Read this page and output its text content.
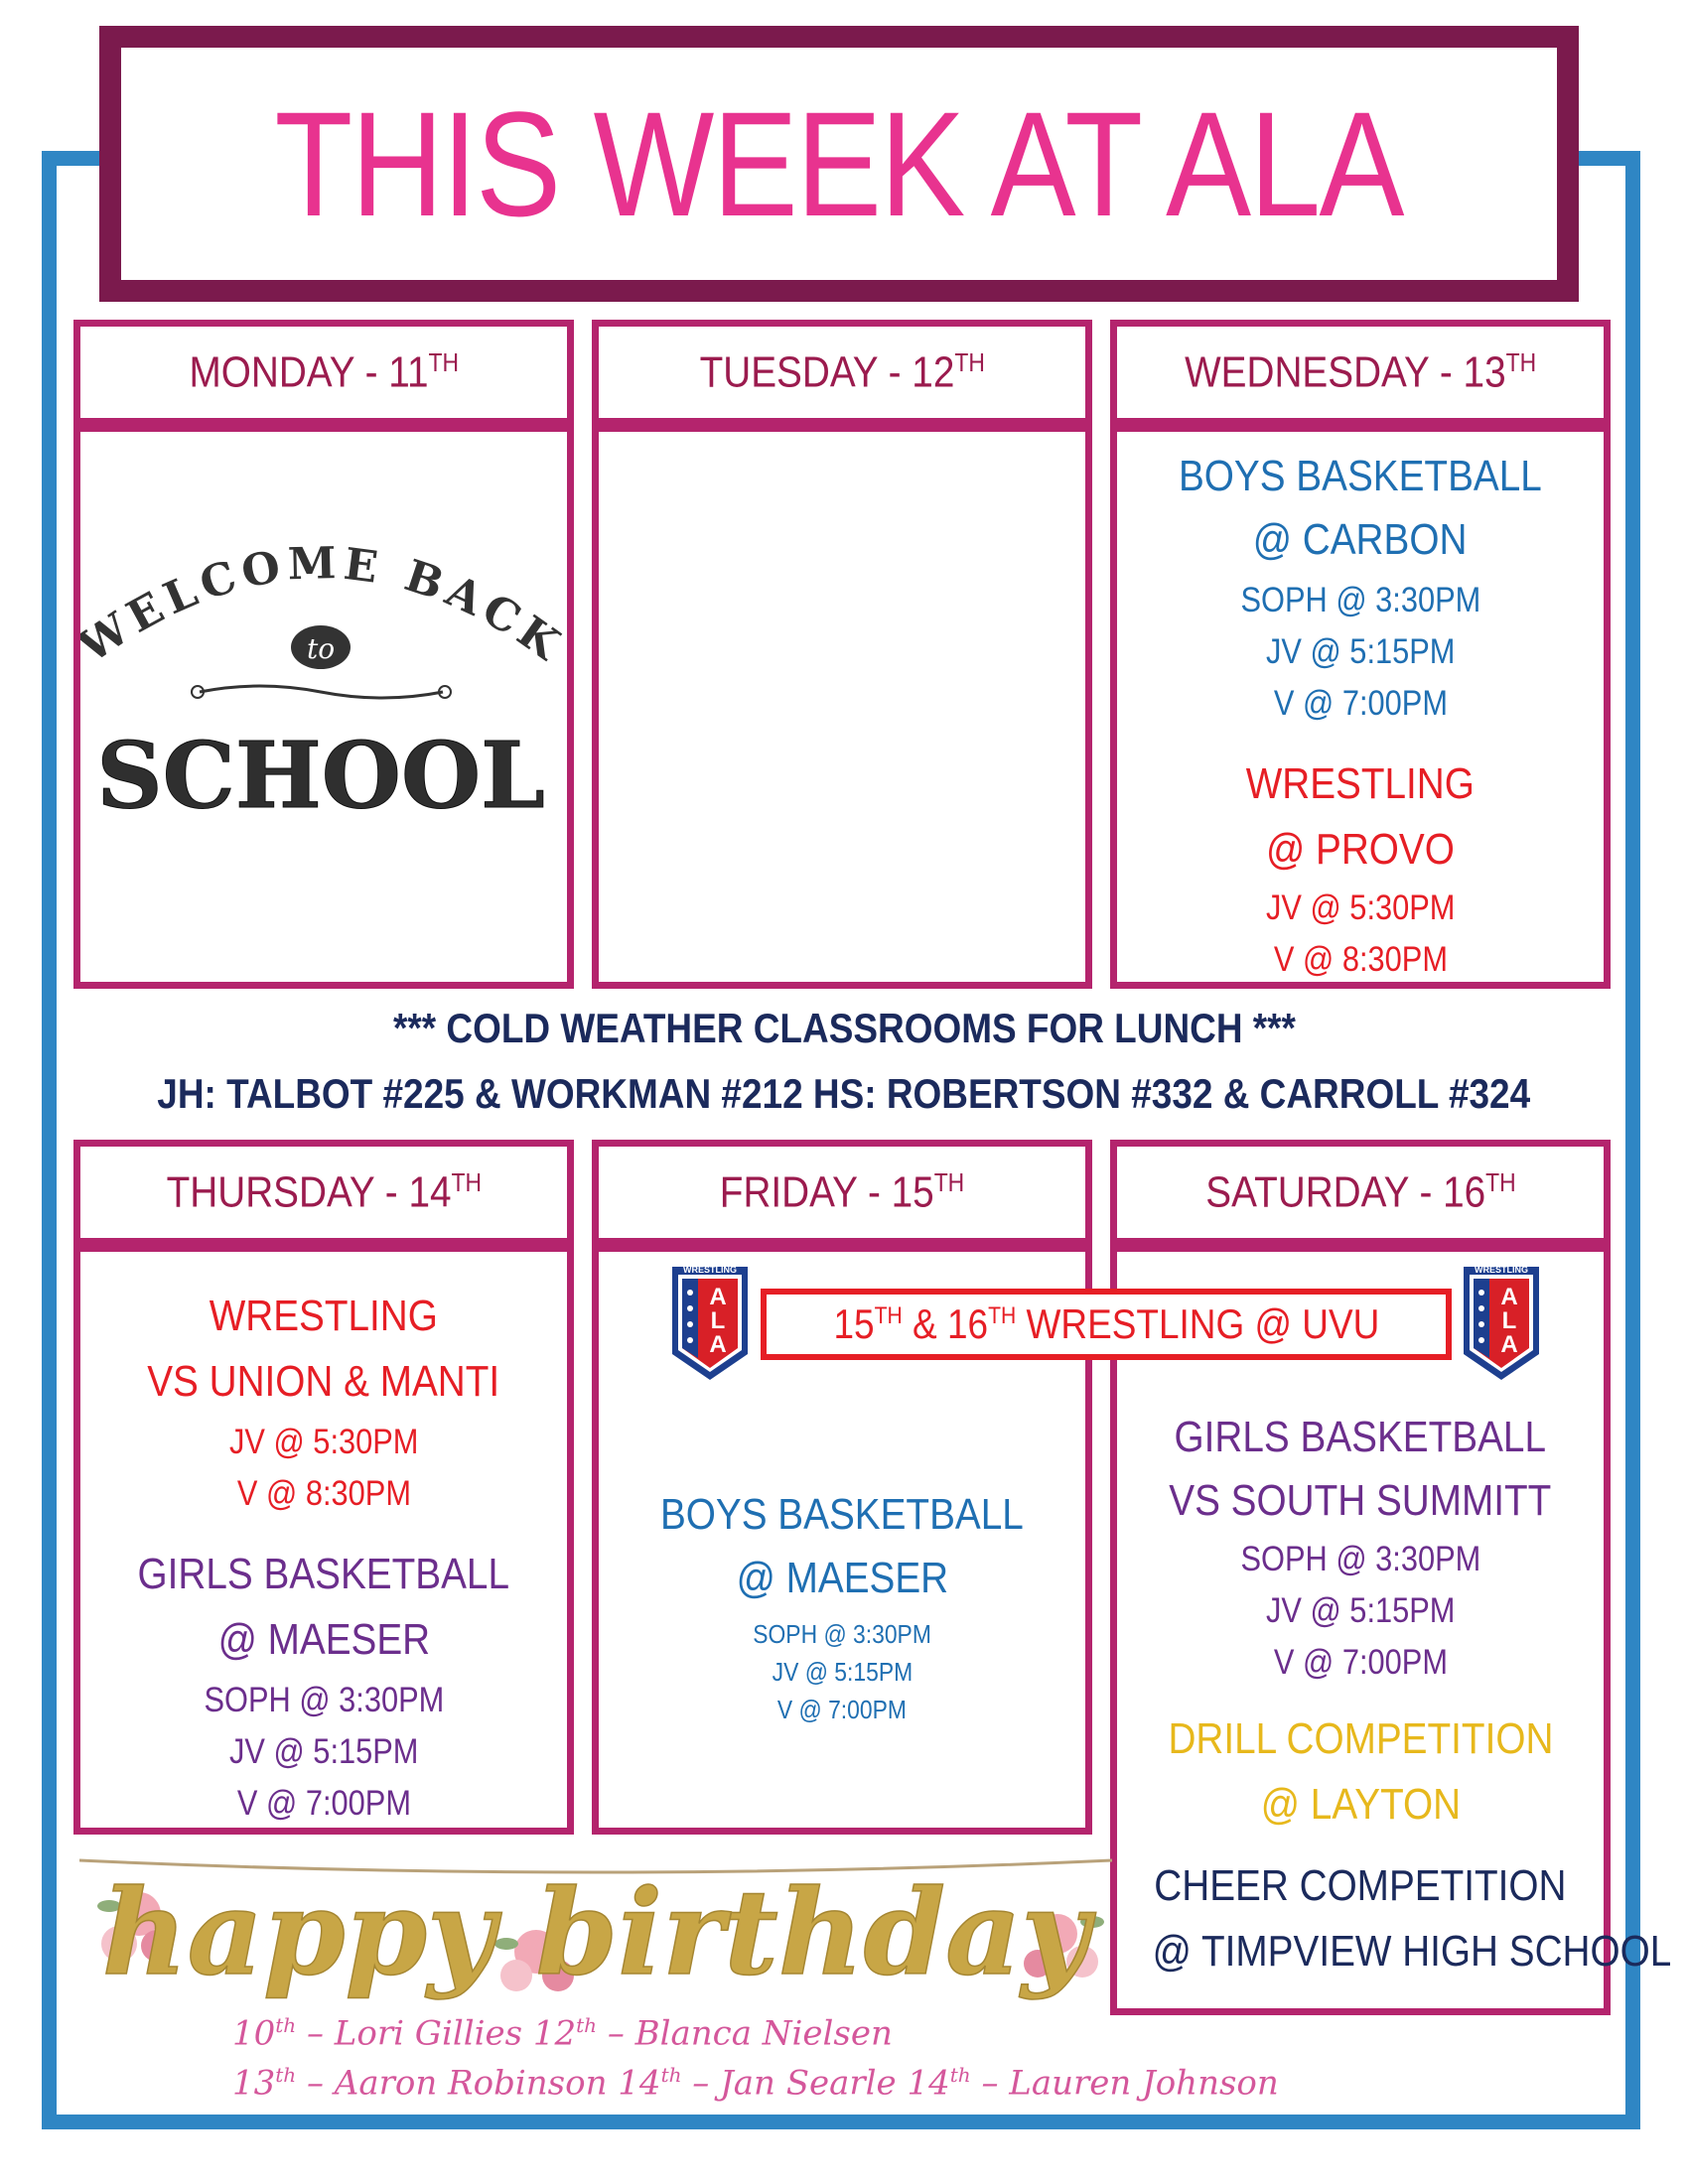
THIS WEEK AT ALA
MONDAY - 11TH	TUESDAY - 12TH	WEDNESDAY - 13TH
ELCOME BACK
to
SCHOOL
BOYS BASKETBALL
@ CARBON
SOPH @ 3:30PM
JV @ 5:15PM
V @ 7:00PM
WRESTLING
@ PROVO
JV @ 5:30PM
V @ 8:30PM
*** COLD WEATHER CLASSROOMS FOR LUNCH ***
JH: TALBOT #225 & WORKMAN #212 HS: ROBERTSON #332 & CARROLL #324
THURSDAY - 14TH	FRIDAY - 15TH	SATURDAY - 16TH
WRESTLING
VS UNION & MANTI
JV @ 5:30PM
V @ 8:30PM
GIRLS BASKETBALL
@ MAESER
SOPH @ 3:30PM
JV @ 5:15PM
V @ 7:00PM
BOYS BASKETBALL
@ MAESER
SOPH @ 3:30PM
JV @ 5:15PM
V @ 7:00PM
GIRLS BASKETBALL
VS SOUTH SUMMITT
SOPH @ 3:30PM
JV @ 5:15PM
V @ 7:00PM
DRILL COMPETITION
@ LAYTON
CHEER COMPETITION
@ TIMPVIEW HIGH SCHOOL
15TH & 16TH WRESTLING @ UVU
WRESTLING
A
L
A
WRESTLING
A
L
A
happy birthday
10th – Lori Gillies 12th – Blanca Nielsen
13th – Aaron Robinson 14th – Jan Searle 14th – Lauren Johnson
